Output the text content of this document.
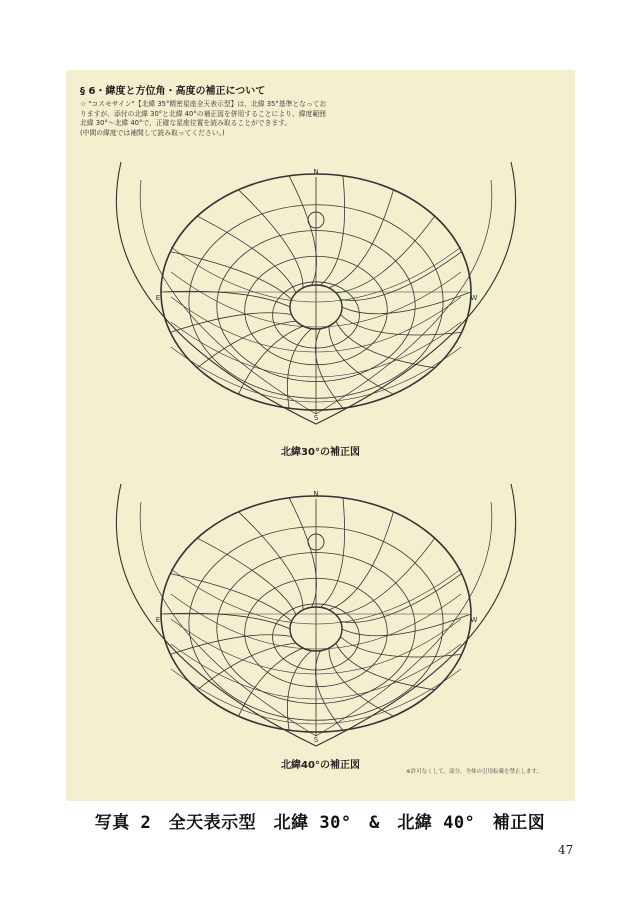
§ 6・緯度と方位角・高度の補正について
☆ "コスモサイン"【北緯 35°精密星座全天表示型】は、北緯 35°基準となってお
りますが、添付の北緯 30°と北緯 40°の補正図を併用することにより、緯度範囲
北緯 30°〜北緯 40°で、正確な星座位置を読み取ることができます。
(中間の緯度では補間して読み取ってください。)
N
S
E	W
北緯30°の補正図
N
S
E	W
北緯40°の補正図
※許可なくして、部分、全体の引用転載を禁止します。
写真 2　全天表示型　北緯 30°　&　北緯 40°　補正図
47
